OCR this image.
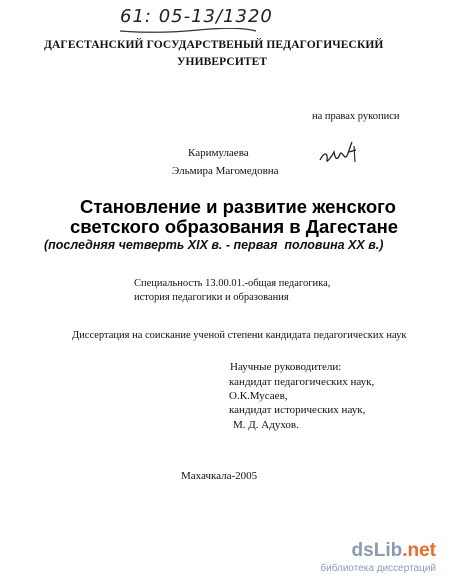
61: 05-13/1320
ДАГЕСТАНСКИЙ ГОСУДАРСТВЕНЫЙ ПЕДАГОГИЧЕСКИЙ
УНИВЕРСИТЕТ
на правах рукописи
Каримулаева
Эльмира Магомедовна
Становление и развитие женского
светского образования в Дагестане
(последняя четверть XIX в. - первая  половина XX в.)
Специальность 13.00.01.-общая педагогика,
история педагогики и образования
Диссертация на соискание ученой степени кандидата педагогических наук
Научные руководители:
кандидат педагогических наук,
О.К.Мусаев,
кандидат исторических наук,
М. Д. Адухов.
Махачкала-2005
dsLib.net
библиотека диссертаций
